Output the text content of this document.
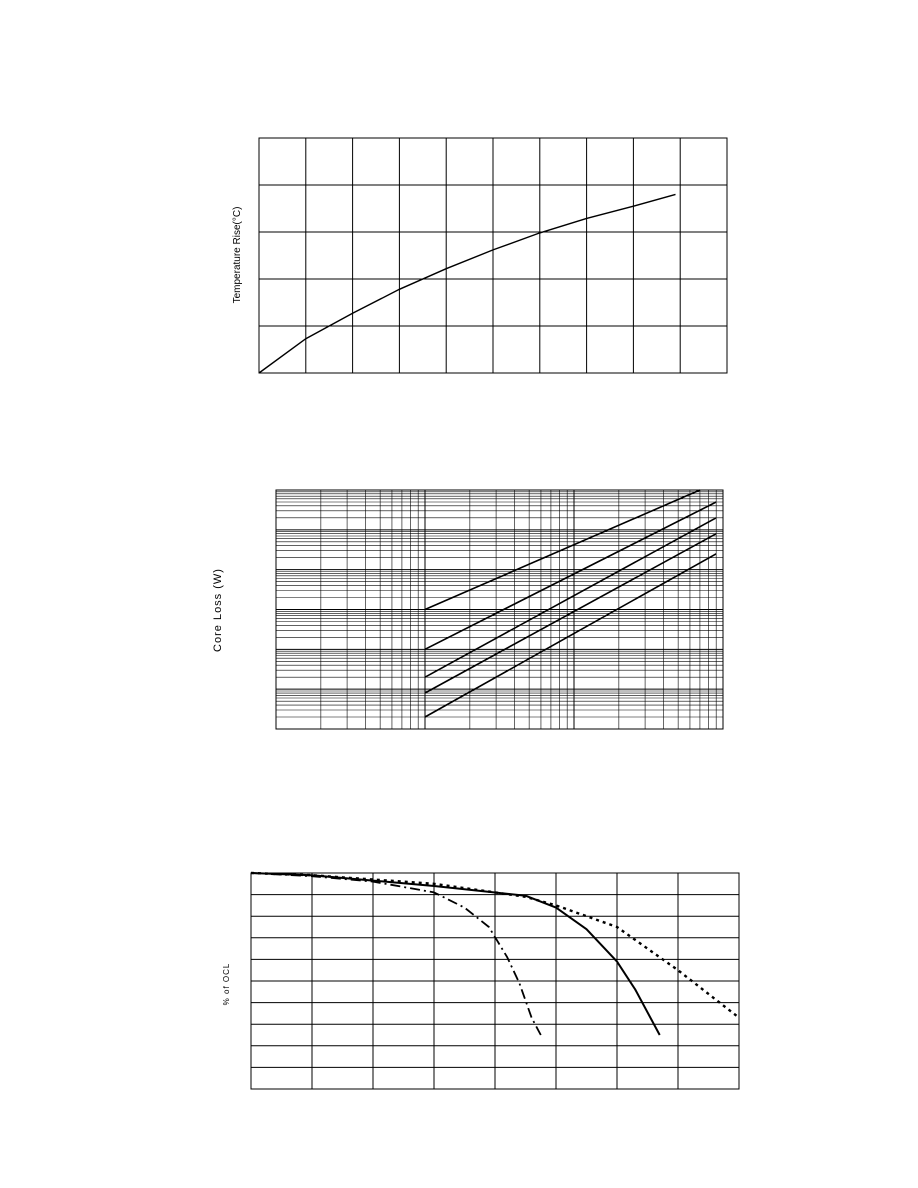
Temperature Rise(°C)
Core Loss (W)
% of OCL
